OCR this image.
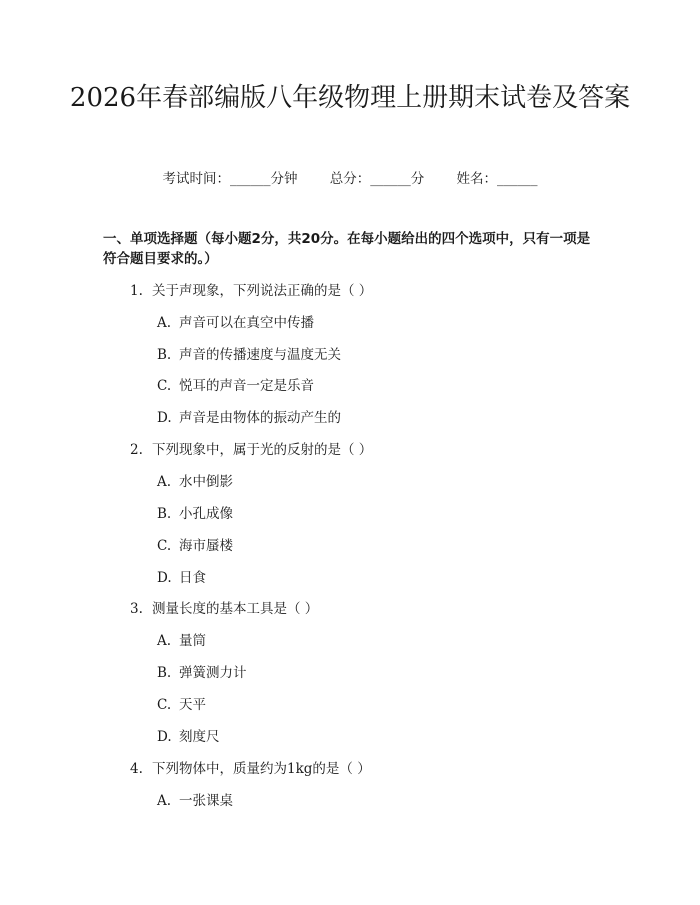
2026年春部编版八年级物理上册期末试卷及答案
考试时间：______分钟 总分：______分 姓名：______
一、单项选择题（每小题2分，共20分。在每小题给出的四个选项中，只有一项是符合题目要求的。）
1. 关于声现象，下列说法正确的是（ ）
A. 声音可以在真空中传播
B. 声音的传播速度与温度无关
C. 悦耳的声音一定是乐音
D. 声音是由物体的振动产生的
2. 下列现象中，属于光的反射的是（ ）
A. 水中倒影
B. 小孔成像
C. 海市蜃楼
D. 日食
3. 测量长度的基本工具是（ ）
A. 量筒
B. 弹簧测力计
C. 天平
D. 刻度尺
4. 下列物体中，质量约为1kg的是（ ）
A. 一张课桌
